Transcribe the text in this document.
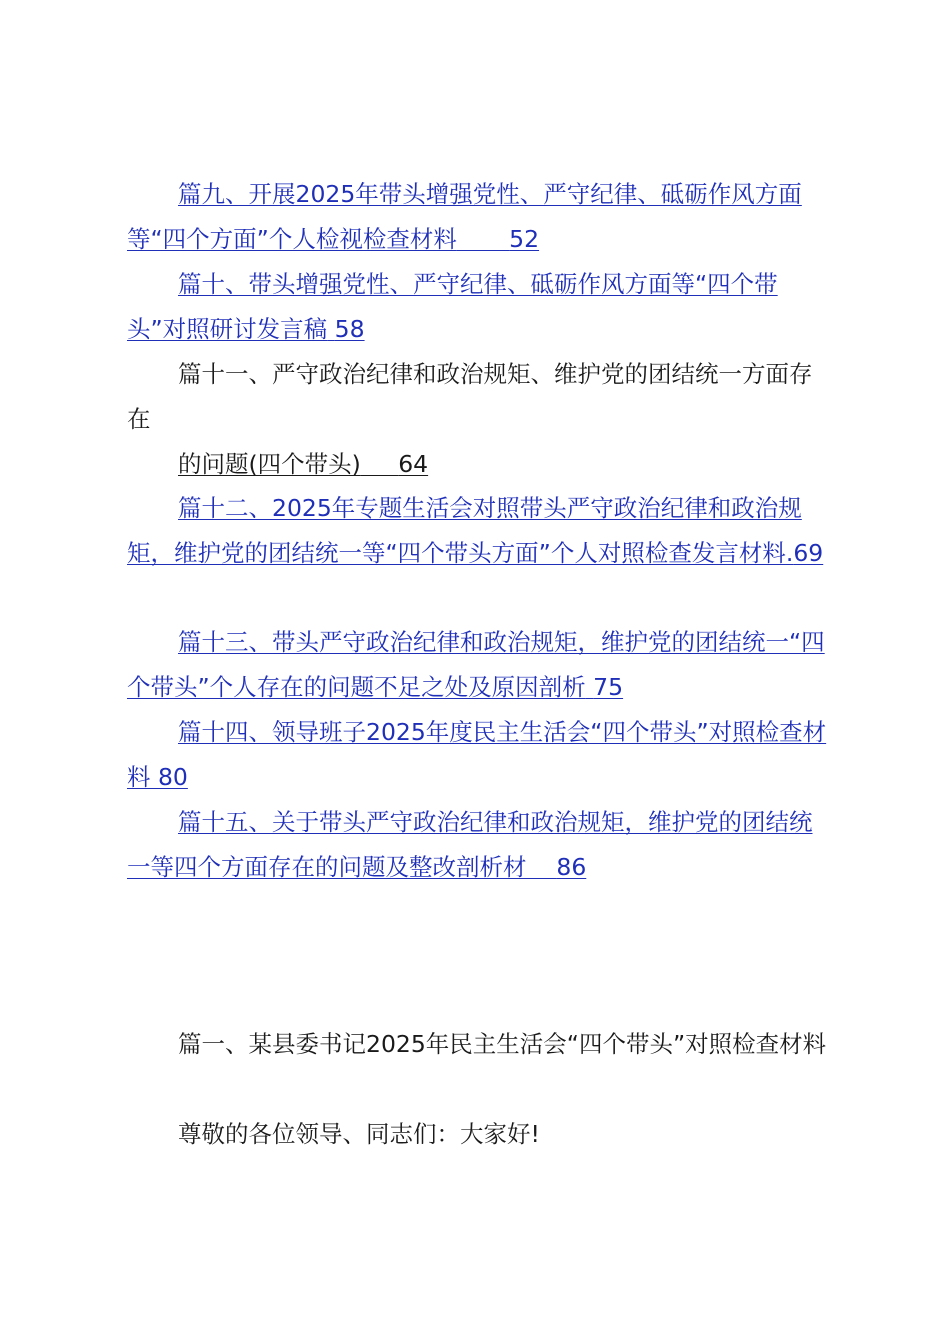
篇九、开展2025年带头增强党性、严守纪律、砥砺作风方面等“四个方面”个人检视检查材料 52

篇十、带头增强党性、严守纪律、砥砺作风方面等“四个带头”对照研讨发言稿 58

篇十一、严守政治纪律和政治规矩、维护党的团结统一方面存在

的问题(四个带头) 64

篇十二、2025年专题生活会对照带头严守政治纪律和政治规矩，维护党的团结统一等“四个带头方面”个人对照检查发言材料.69

篇十三、带头严守政治纪律和政治规矩，维护党的团结统一“四个带头”个人存在的问题不足之处及原因剖析 75

篇十四、领导班子2025年度民主生活会“四个带头”对照检查材料 80

篇十五、关于带头严守政治纪律和政治规矩，维护党的团结统一等四个方面存在的问题及整改剖析材 86

篇一、某县委书记2025年民主生活会“四个带头”对照检查材料

尊敬的各位领导、同志们：大家好!
